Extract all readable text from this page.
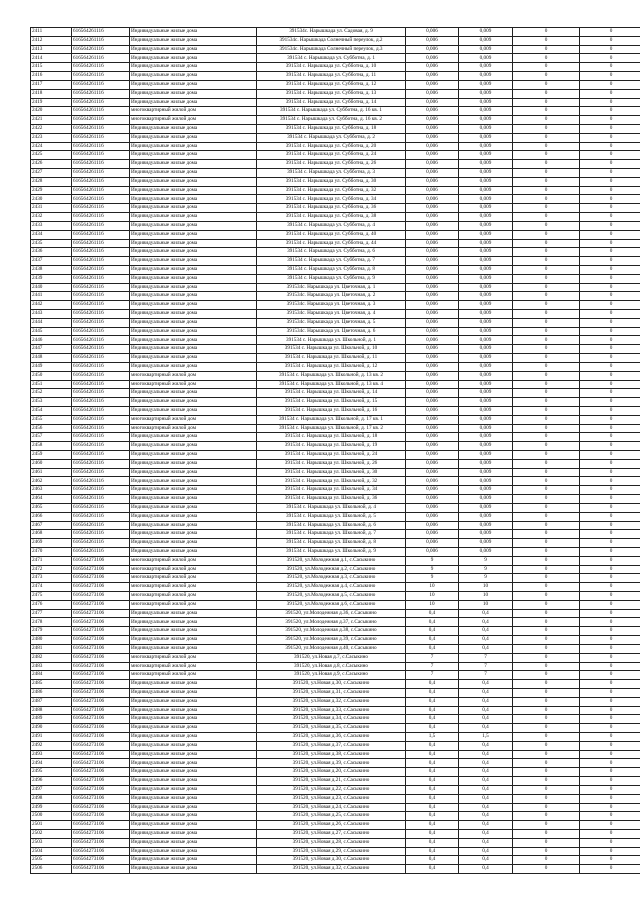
2411	616564261116	Индивидуальные жилые дома	391534с. Нарышкада ул. Садовая, д. 9	0,006	0,009	0	0
2412	616564261116	Индивидуальные жилые дома	391534с. Нарышкада Солнечный переулок, д.2	0,006	0,009	0	0
2413	616564261116	Индивидуальные жилые дома	391534с. Нарышкада Солнечный переулок, д.3	0,006	0,009	0	0
2414	616564261116	Индивидуальные жилые дома	391534 с. Нарышкада ул. Субботна, д. 1	0,006	0,009	0	0
2415	616564261116	Индивидуальные жилые дома	391534 с. Нарышкада ул. Субботна, д. 10	0,006	0,009	0	0
2416	616564261116	Индивидуальные жилые дома	391534 с. Нарышкада ул. Субботна, д. 11	0,006	0,009	0	0
2417	616564261116	Индивидуальные жилые дома	391534 с. Нарышкада ул. Субботна, д. 12	0,006	0,009	0	0
2418	616564261116	Индивидуальные жилые дома	391534 с. Нарышкада ул. Субботна, д. 13	0,006	0,009	0	0
2419	616564261116	Индивидуальные жилые дома	391534 с. Нарышкада ул. Субботна, д. 14	0,006	0,009	0	0
2420	616564261116	многоквартирный жилой дом	391534 с. Нарышкада ул. Субботна, д. 16 кв. 1	0,006	0,009	0	0
2421	616564261116	многоквартирный жилой дом	391534 с. Нарышкада ул. Субботна, д. 16 кв. 2	0,006	0,009	0	0
2422	616564261116	Индивидуальные жилые дома	391534 с. Нарышкада ул. Субботна, д. 18	0,006	0,009	0	0
2423	616564261116	Индивидуальные жилые дома	391534 с. Нарышкада ул. Субботна, д. 2	0,006	0,009	0	0
2424	616564261116	Индивидуальные жилые дома	391534 с. Нарышкада ул. Субботна, д. 20	0,006	0,009	0	0
2425	616564261116	Индивидуальные жилые дома	391534 с. Нарышкада ул. Субботна, д. 24	0,006	0,009	0	0
2426	616564261116	Индивидуальные жилые дома	391534 с. Нарышкада ул. Субботна, д. 26	0,006	0,009	0	0
2427	616564261116	Индивидуальные жилые дома	391534 с. Нарышкада ул. Субботна, д. 3	0,006	0,009	0	0
2428	616564261116	Индивидуальные жилые дома	391534 с. Нарышкада ул. Субботна, д. 30	0,006	0,009	0	0
2429	616564261116	Индивидуальные жилые дома	391534 с. Нарышкада ул. Субботна, д. 32	0,006	0,009	0	0
2430	616564261116	Индивидуальные жилые дома	391534 с. Нарышкада ул. Субботна, д. 34	0,006	0,009	0	0
2431	616564261116	Индивидуальные жилые дома	391534 с. Нарышкада ул. Субботна, д. 36	0,006	0,009	0	0
2432	616564261116	Индивидуальные жилые дома	391534 с. Нарышкада ул. Субботна, д. 38	0,006	0,009	0	0
2433	616564261116	Индивидуальные жилые дома	391534 с. Нарышкада ул. Субботна, д. 4	0,006	0,009	0	0
2434	616564261116	Индивидуальные жилые дома	391534 с. Нарышкада ул. Субботна, д. 40	0,006	0,009	0	0
2435	616564261116	Индивидуальные жилые дома	391534 с. Нарышкада ул. Субботна, д. 44	0,006	0,009	0	0
2436	616564261116	Индивидуальные жилые дома	391534 с. Нарышкада ул. Субботна, д. 6	0,006	0,009	0	0
2437	616564261116	Индивидуальные жилые дома	391534 с. Нарышкада ул. Субботна, д. 7	0,006	0,009	0	0
2438	616564261116	Индивидуальные жилые дома	391534 с. Нарышкада ул. Субботна, д. 8	0,006	0,009	0	0
2439	616564261116	Индивидуальные жилые дома	391534 с. Нарышкада ул. Субботна, д. 9	0,006	0,009	0	0
2440	616564261116	Индивидуальные жилые дома	391534с. Нарышкада ул. Цветочная, д. 1	0,006	0,009	0	0
2441	616564261116	Индивидуальные жилые дома	391534с. Нарышкада ул. Цветочная, д. 2	0,006	0,009	0	0
2442	616564261116	Индивидуальные жилые дома	391534с. Нарышкада ул. Цветочная, д. 3	0,006	0,009	0	0
2443	616564261116	Индивидуальные жилые дома	391534с. Нарышкада ул. Цветочная, д. 4	0,006	0,009	0	0
2444	616564261116	Индивидуальные жилые дома	391534с. Нарышкада ул. Цветочная, д. 5	0,006	0,009	0	0
2445	616564261116	Индивидуальные жилые дома	391534с. Нарышкада ул. Цветочная, д. 6	0,006	0,009	0	0
2446	616564261116	Индивидуальные жилые дома	391534 с. Нарышкада ул. Школьной, д. 1	0,006	0,009	0	0
2447	616564261116	Индивидуальные жилые дома	391534 с. Нарышкада ул. Школьной, д. 10	0,006	0,009	0	0
2448	616564261116	Индивидуальные жилые дома	391534 с. Нарышкада ул. Школьной, д. 11	0,006	0,009	0	0
2449	616564261116	Индивидуальные жилые дома	391534 с. Нарышкада ул. Школьной, д. 12	0,006	0,009	0	0
2450	616564261116	многоквартирный жилой дом	391534 с. Нарышкада ул. Школьной, д. 13 кв. 2	0,006	0,009	0	0
2451	616564261116	многоквартирный жилой дом	391534 с. Нарышкада ул. Школьной, д. 13 кв. 4	0,006	0,009	0	0
2452	616564261116	Индивидуальные жилые дома	391534 с. Нарышкада ул. Школьной, д. 14	0,006	0,009	0	0
2453	616564261116	Индивидуальные жилые дома	391534 с. Нарышкада ул. Школьной, д. 15	0,006	0,009	0	0
2454	616564261116	Индивидуальные жилые дома	391534 с. Нарышкада ул. Школьной, д. 16	0,006	0,009	0	0
2455	616564261116	многоквартирный жилой дом	391534 с. Нарышкада ул. Школьной, д. 17 кв. 1	0,006	0,009	0	0
2456	616564261116	многоквартирный жилой дом	391534 с. Нарышкада ул. Школьной, д. 17 кв. 2	0,006	0,009	0	0
2457	616564261116	Индивидуальные жилые дома	391534 с. Нарышкада ул. Школьной, д. 18	0,006	0,009	0	0
2458	616564261116	Индивидуальные жилые дома	391534 с. Нарышкада ул. Школьной, д. 19	0,006	0,009	0	0
2459	616564261116	Индивидуальные жилые дома	391534 с. Нарышкада ул. Школьной, д. 24	0,006	0,009	0	0
2460	616564261116	Индивидуальные жилые дома	391534 с. Нарышкада ул. Школьной, д. 26	0,006	0,009	0	0
2461	616564261116	Индивидуальные жилые дома	391534 с. Нарышкада ул. Школьной, д. 30	0,006	0,009	0	0
2462	616564261116	Индивидуальные жилые дома	391534 с. Нарышкада ул. Школьной, д. 32	0,006	0,009	0	0
2463	616564261116	Индивидуальные жилые дома	391534 с. Нарышкада ул. Школьной, д. 34	0,006	0,009	0	0
2464	616564261116	Индивидуальные жилые дома	391534 с. Нарышкада ул. Школьной, д. 36	0,006	0,009	0	0
2465	616564261116	Индивидуальные жилые дома	391534 с. Нарышкада ул. Школьной, д. 4	0,006	0,009	0	0
2466	616564261116	Индивидуальные жилые дома	391534 с. Нарышкада ул. Школьной, д. 5	0,006	0,009	0	0
2467	616564261116	Индивидуальные жилые дома	391534 с. Нарышкада ул. Школьной, д. 6	0,006	0,009	0	0
2468	616564261116	Индивидуальные жилые дома	391534 с. Нарышкада ул. Школьной, д. 7	0,006	0,009	0	0
2469	616564261116	Индивидуальные жилые дома	391534 с. Нарышкада ул. Школьной, д. 8	0,006	0,009	0	0
2470	616564261116	Индивидуальные жилые дома	391534 с. Нарышкада ул. Школьной, д. 9	0,006	0,009	0	0
2471	616564273106	многоквартирный жилой дом	391520, ул.Молодежная д.1, с.Сасыкино	9	9	0	0
2472	616564273106	многоквартирный жилой дом	391520, ул.Молодежная д.2, с.Сасыкино	9	9	0	0
2473	616564273106	многоквартирный жилой дом	391520, ул.Молодежная д.3, с.Сасыкино	9	9	0	0
2474	616564273106	многоквартирный жилой дом	391520, ул.Молодежная д.4, с.Сасыкино	10	10	0	0
2475	616564273106	многоквартирный жилой дом	391520, ул.Молодежная д.5, с.Сасыкино	10	10	0	0
2476	616564273106	многоквартирный жилой дом	391520, ул.Молодежная д.6, с.Сасыкино	10	10	0	0
2477	616564273106	Индивидуальные жилые дома	391520, ул.Молодежная д.36, с.Сасыкино	0,4	0,4	0	0
2478	616564273106	Индивидуальные жилые дома	391520, ул.Молодежная д.37, с.Сасыкино	0,4	0,4	0	0
2479	616564273106	Индивидуальные жилые дома	391520, ул.Молодежная д.38, с.Сасыкино	0,4	0,4	0	0
2480	616564273106	Индивидуальные жилые дома	391520, ул.Молодежная д.39, с.Сасыкино	0,4	0,4	0	0
2481	616564273106	Индивидуальные жилые дома	391520, ул.Молодежная д.40, с.Сасыкино	0,4	0,4	0	0
2482	616564273106	многоквартирный жилой дом	391520, ул.Новая д.7, с.Сасыкино	7	7	0	0
2483	616564273106	многоквартирный жилой дом	391520, ул.Новая д.8, с.Сасыкино	7	7	0	0
2484	616564273106	многоквартирный жилой дом	391520, ул.Новая д.9, с.Сасыкино	7	7	0	0
2485	616564273106	Индивидуальные жилые дома	391520, ул.Новая д.30, с.Сасыкино	0,4	0,4	0	0
2486	616564273106	Индивидуальные жилые дома	391520, ул.Новая д.31, с.Сасыкино	0,4	0,4	0	0
2487	616564273106	Индивидуальные жилые дома	391520, ул.Новая д.32, с.Сасыкино	0,4	0,4	0	0
2488	616564273106	Индивидуальные жилые дома	391520, ул.Новая д.33, с.Сасыкино	0,4	0,4	0	0
2489	616564273106	Индивидуальные жилые дома	391520, ул.Новая д.34, с.Сасыкино	0,4	0,4	0	0
2490	616564273106	Индивидуальные жилые дома	391520, ул.Новая д.35, с.Сасыкино	0,4	0,4	0	0
2491	616564273106	Индивидуальные жилые дома	391520, ул.Новая д.36, с.Сасыкино	1,5	1,5	0	0
2492	616564273106	Индивидуальные жилые дома	391520, ул.Новая д.37, с.Сасыкино	0,4	0,4	0	0
2493	616564273106	Индивидуальные жилые дома	391520, ул.Новая д.38, с.Сасыкино	0,4	0,4	0	0
2494	616564273106	Индивидуальные жилые дома	391520, ул.Новая д.39, с.Сасыкино	0,4	0,4	0	0
2495	616564273106	Индивидуальные жилые дома	391520, ул.Новая д.20, с.Сасыкино	0,4	0,4	0	0
2496	616564273106	Индивидуальные жилые дома	391520, ул.Новая д.21, с.Сасыкино	0,4	0,4	0	0
2497	616564273106	Индивидуальные жилые дома	391520, ул.Новая д.22, с.Сасыкино	0,4	0,4	0	0
2498	616564273106	Индивидуальные жилые дома	391520, ул.Новая д.23, с.Сасыкино	0,4	0,4	0	0
2499	616564273106	Индивидуальные жилые дома	391520, ул.Новая д.24, с.Сасыкино	0,4	0,4	0	0
2500	616564273106	Индивидуальные жилые дома	391520, ул.Новая д.25, с.Сасыкино	0,4	0,4	0	0
2501	616564273106	Индивидуальные жилые дома	391520, ул.Новая д.26, с.Сасыкино	0,4	0,4	0	0
2502	616564273106	Индивидуальные жилые дома	391520, ул.Новая д.27, с.Сасыкино	0,4	0,4	0	0
2503	616564273106	Индивидуальные жилые дома	391520, ул.Новая д.28, с.Сасыкино	0,4	0,4	0	0
2504	616564273106	Индивидуальные жилые дома	391520, ул.Новая д.29, с.Сасыкино	0,4	0,4	0	0
2505	616564273106	Индивидуальные жилые дома	391520, ул.Новая д.30, с.Сасыкино	0,4	0,4	0	0
2506	616564273106	Индивидуальные жилые дома	391520, ул.Новая д.32, с.Сасыкино	0,4	0,4	0	0
